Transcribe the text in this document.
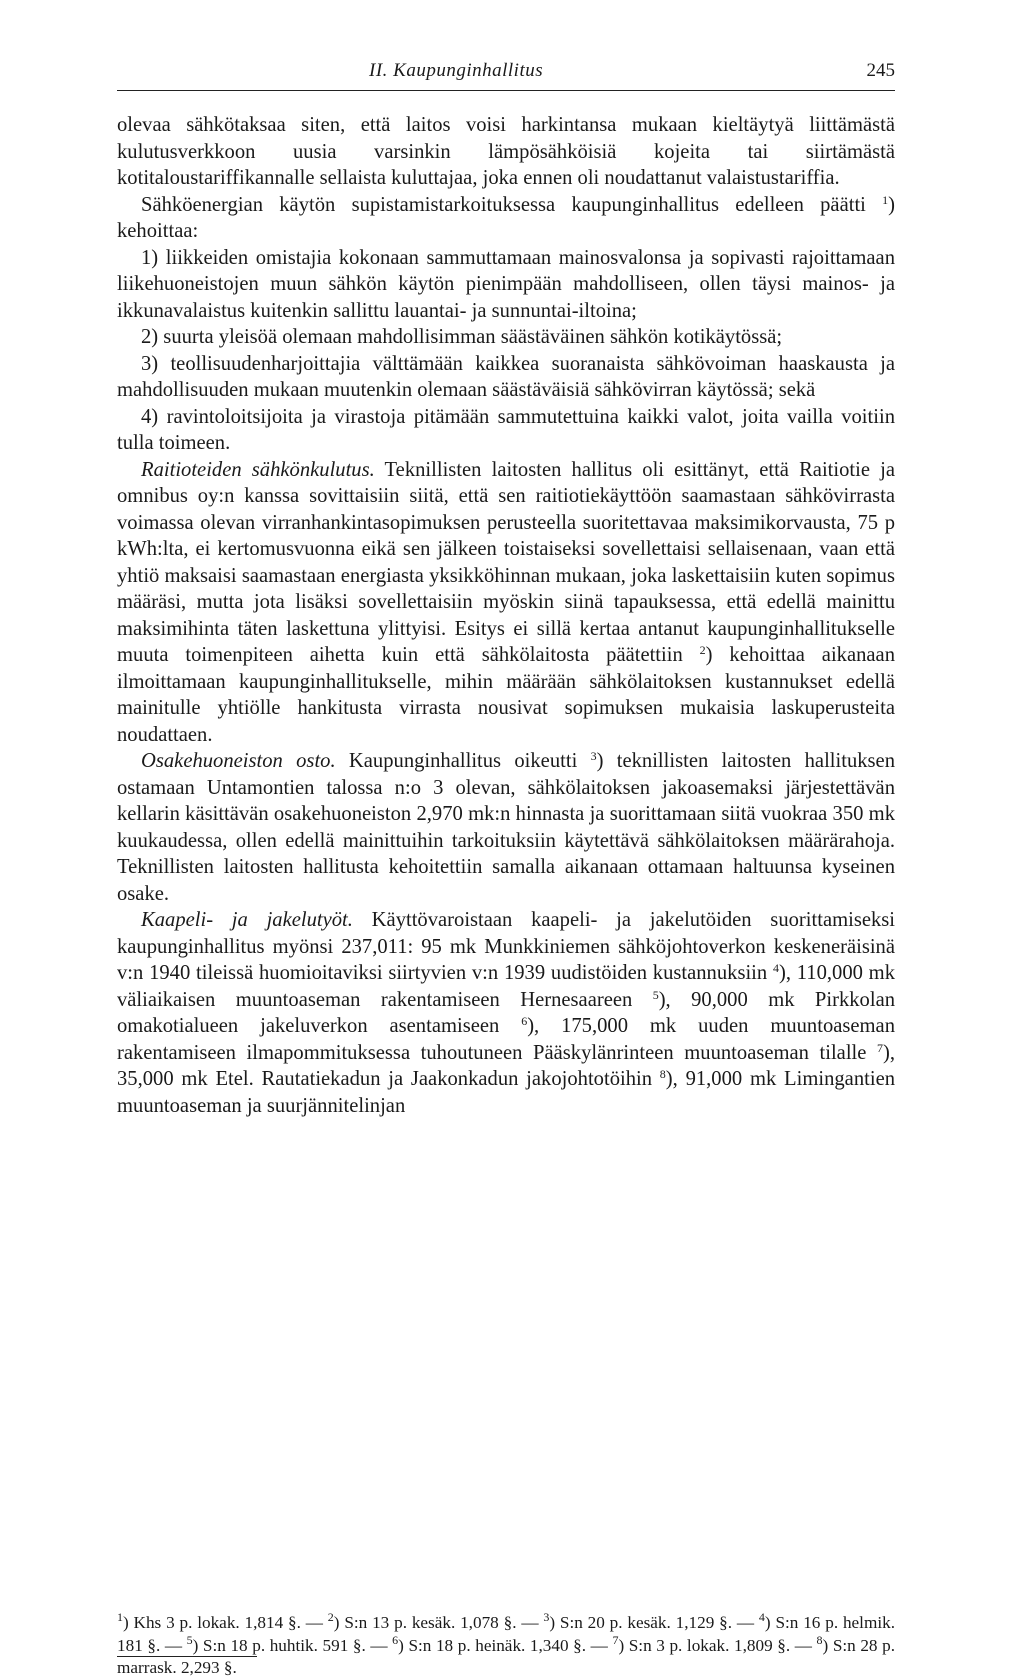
II. Kaupunginhallitus	245

olevaa sähkötaksaa siten, että laitos voisi harkintansa mukaan kieltäytyä liittämästä kulutusverkkoon uusia varsinkin lämpösähköisiä kojeita tai siirtämästä kotitaloustariffikannalle sellaista kuluttajaa, joka ennen oli noudattanut valaistustariffia.

Sähköenergian käytön supistamistarkoituksessa kaupunginhallitus edelleen päätti $^1$) kehoittaa:

1) liikkeiden omistajia kokonaan sammuttamaan mainosvalonsa ja sopivasti rajoittamaan liikehuoneistojen muun sähkön käytön pienimpään mahdolliseen, ollen täysi mainos- ja ikkunavalaistus kuitenkin sallittu lauantai- ja sunnuntai-iltoina;

2) suurta yleisöä olemaan mahdollisimman säästäväinen sähkön kotikäytössä;

3) teollisuudenharjoittajia välttämään kaikkea suoranaista sähkövoiman haaskausta ja mahdollisuuden mukaan muutenkin olemaan säästäväisiä sähkövirran käytössä; sekä

4) ravintoloitsijoita ja virastoja pitämään sammutettuina kaikki valot, joita vailla voitiin tulla toimeen.

Raitioteiden sähkönkulutus. Teknillisten laitosten hallitus oli esittänyt, että Raitiotie ja omnibus oy:n kanssa sovittaisiin siitä, että sen raitiotiekäyttöön saamastaan sähkövirrasta voimassa olevan virranhankintasopimuksen perusteella suoritettavaa maksimikorvausta, 75 p kWh:lta, ei kertomusvuonna eikä sen jälkeen toistaiseksi sovellettaisi sellaisenaan, vaan että yhtiö maksaisi saamastaan energiasta yksikköhinnan mukaan, joka laskettaisiin kuten sopimus määräsi, mutta jota lisäksi sovellettaisiin myöskin siinä tapauksessa, että edellä mainittu maksimihinta täten laskettuna ylittyisi. Esitys ei sillä kertaa antanut kaupunginhallitukselle muuta toimenpiteen aihetta kuin että sähkölaitosta päätettiin $^2$) kehoittaa aikanaan ilmoittamaan kaupunginhallitukselle, mihin määrään sähkölaitoksen kustannukset edellä mainitulle yhtiölle hankitusta virrasta nousivat sopimuksen mukaisia laskuperusteita noudattaen.

Osakehuoneiston osto. Kaupunginhallitus oikeutti $^3$) teknillisten laitosten hallituksen ostamaan Untamontien talossa n:o 3 olevan, sähkölaitoksen jakoasemaksi järjestettävän kellarin käsittävän osakehuoneiston 2,970 mk:n hinnasta ja suorittamaan siitä vuokraa 350 mk kuukaudessa, ollen edellä mainittuihin tarkoituksiin käytettävä sähkölaitoksen määrärahoja. Teknillisten laitosten hallitusta kehoitettiin samalla aikanaan ottamaan haltuunsa kyseinen osake.

Kaapeli- ja jakelutyöt. Käyttövaroistaan kaapeli- ja jakelutöiden suorittamiseksi kaupunginhallitus myönsi 237,011: 95 mk Munkkiniemen sähköjohtoverkon keskeneräisinä v:n 1940 tileissä huomioitaviksi siirtyvien v:n 1939 uudistöiden kustannuksiin $^4$), 110,000 mk väliaikaisen muuntoaseman rakentamiseen Hernesaareen $^5$), 90,000 mk Pirkkolan omakotialueen jakeluverkon asentamiseen $^6$), 175,000 mk uuden muuntoaseman rakentamiseen ilmapommituksessa tuhoutuneen Pääskylänrinteen muuntoaseman tilalle $^7$), 35,000 mk Etel. Rautatiekadun ja Jaakonkadun jakojohtotöihin $^8$), 91,000 mk Limingantien muuntoaseman ja suurjännitelinjan

$^1$) Khs 3 p. lokak. 1,814 §. — $^2$) S:n 13 p. kesäk. 1,078 §. — $^3$) S:n 20 p. kesäk. 1,129 §. — $^4$) S:n 16 p. helmik. 181 §. — $^5$) S:n 18 p. huhtik. 591 §. — $^6$) S:n 18 p. heinäk. 1,340 §. — $^7$) S:n 3 p. lokak. 1,809 §. — $^8$) S:n 28 p. marrask. 2,293 §.
